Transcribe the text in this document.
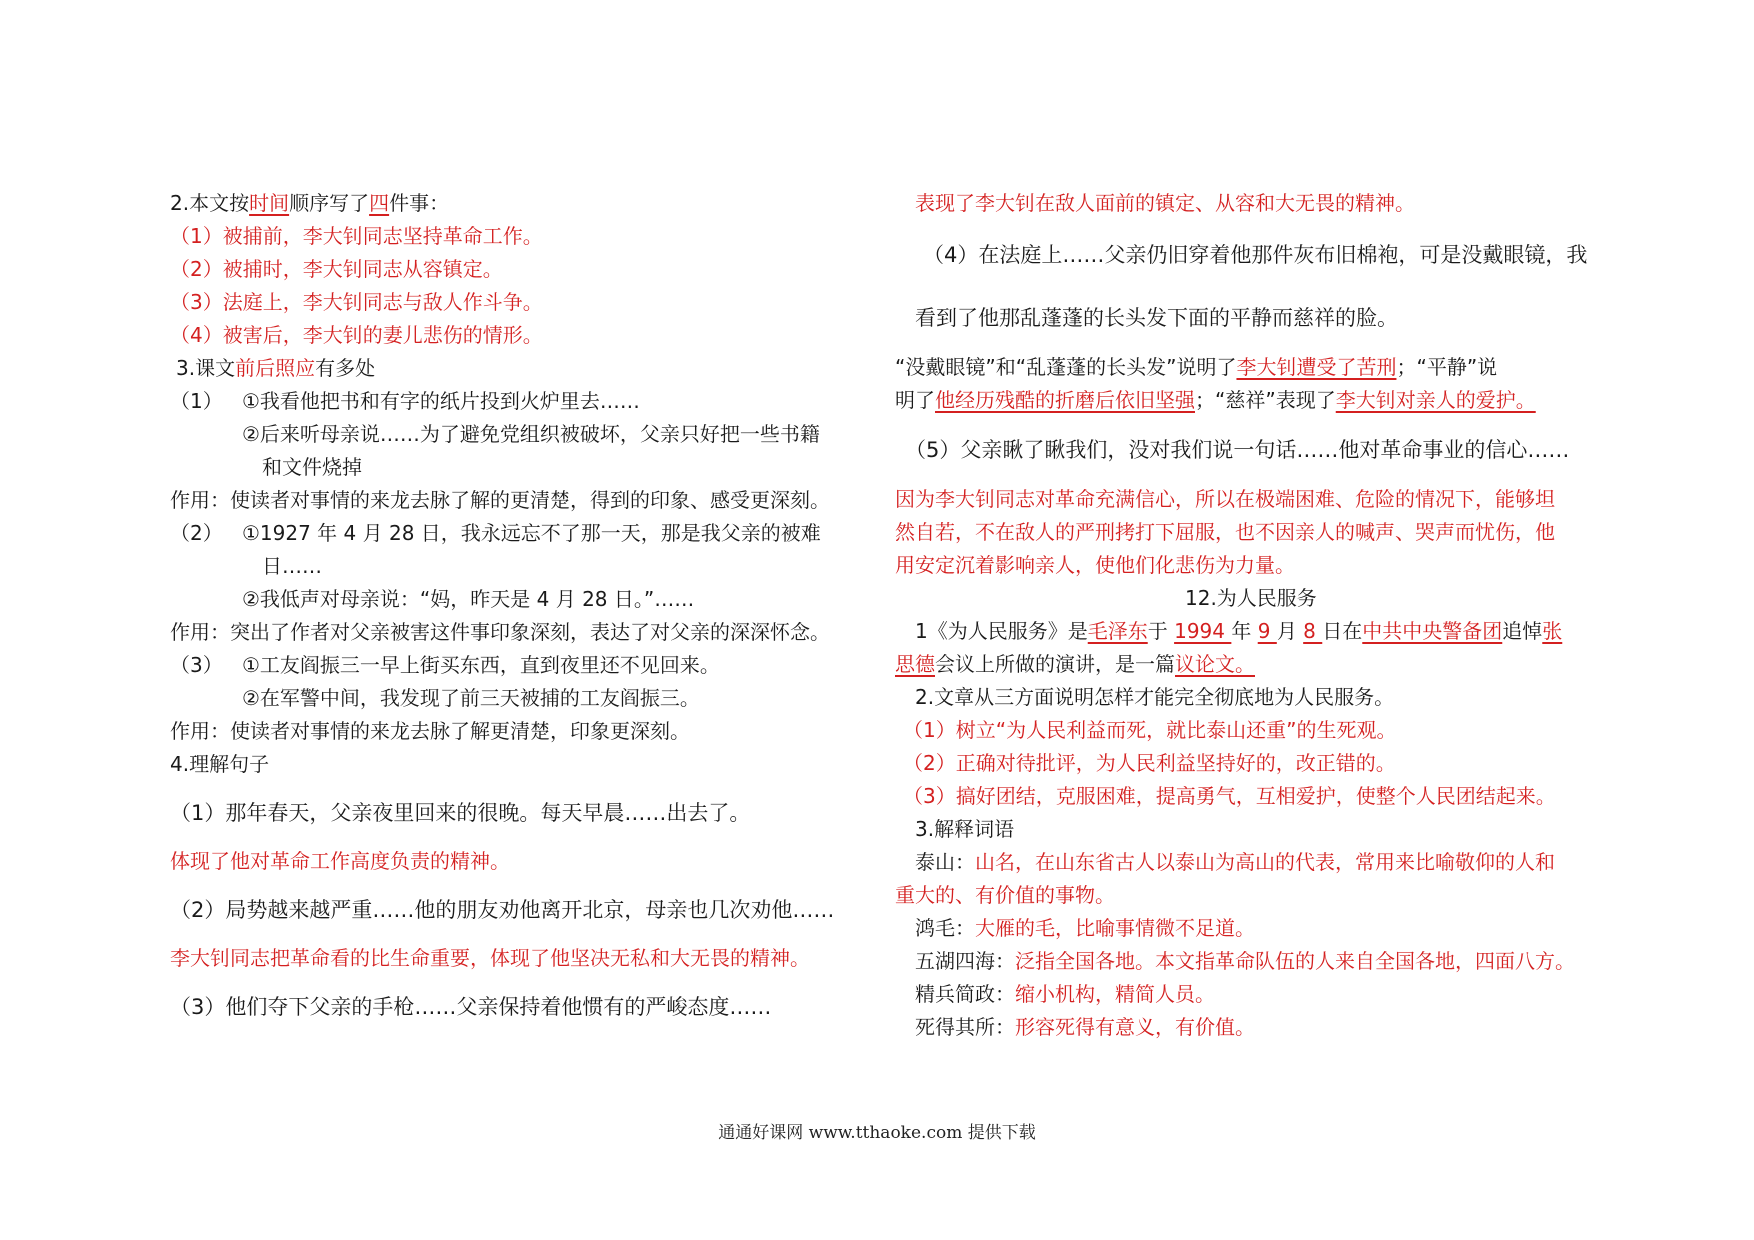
2.本文按时间顺序写了四件事：
（1）被捕前，李大钊同志坚持革命工作。
（2）被捕时，李大钊同志从容镇定。
（3）法庭上，李大钊同志与敌人作斗争。
（4）被害后，李大钊的妻儿悲伤的情形。
3.课文前后照应有多处
（1） ①我看他把书和有字的纸片投到火炉里去……
②后来听母亲说……为了避免党组织被破坏，父亲只好把一些书籍
和文件烧掉
作用：使读者对事情的来龙去脉了解的更清楚，得到的印象、感受更深刻。
（2） ①1927 年 4 月 28 日，我永远忘不了那一天，那是我父亲的被难
日……
②我低声对母亲说：“妈，昨天是 4 月 28 日。”……
作用：突出了作者对父亲被害这件事印象深刻，表达了对父亲的深深怀念。
（3） ①工友阎振三一早上街买东西，直到夜里还不见回来。
②在军警中间，我发现了前三天被捕的工友阎振三。
作用：使读者对事情的来龙去脉了解更清楚，印象更深刻。
4.理解句子
（1）那年春天，父亲夜里回来的很晚。每天早晨……出去了。
体现了他对革命工作高度负责的精神。
（2）局势越来越严重……他的朋友劝他离开北京，母亲也几次劝他……
李大钊同志把革命看的比生命重要，体现了他坚决无私和大无畏的精神。
（3）他们夺下父亲的手枪……父亲保持着他惯有的严峻态度……
表现了李大钊在敌人面前的镇定、从容和大无畏的精神。
（4）在法庭上……父亲仍旧穿着他那件灰布旧棉袍，可是没戴眼镜，我
看到了他那乱蓬蓬的长头发下面的平静而慈祥的脸。
“没戴眼镜”和“乱蓬蓬的长头发”说明了李大钊遭受了苦刑；“平静”说
明了他经历残酷的折磨后依旧坚强；“慈祥”表现了李大钊对亲人的爱护。
（5）父亲瞅了瞅我们，没对我们说一句话……他对革命事业的信心……
因为李大钊同志对革命充满信心，所以在极端困难、危险的情况下，能够坦
然自若，不在敌人的严刑拷打下屈服，也不因亲人的喊声、哭声而忧伤，他
用安定沉着影响亲人，使他们化悲伤为力量。
12.为人民服务
1《为人民服务》是毛泽东于 1994 年 9 月 8 日在中共中央警备团追悼张
思德会议上所做的演讲，是一篇议论文。
2.文章从三方面说明怎样才能完全彻底地为人民服务。
（1）树立“为人民利益而死，就比泰山还重”的生死观。
（2）正确对待批评，为人民利益坚持好的，改正错的。
（3）搞好团结，克服困难，提高勇气，互相爱护，使整个人民团结起来。
3.解释词语
泰山：山名，在山东省古人以泰山为高山的代表，常用来比喻敬仰的人和
重大的、有价值的事物。
鸿毛：大雁的毛，比喻事情微不足道。
五湖四海：泛指全国各地。本文指革命队伍的人来自全国各地，四面八方。
精兵简政：缩小机构，精简人员。
死得其所：形容死得有意义，有价值。
通通好课网 www.tthaoke.com 提供下载
